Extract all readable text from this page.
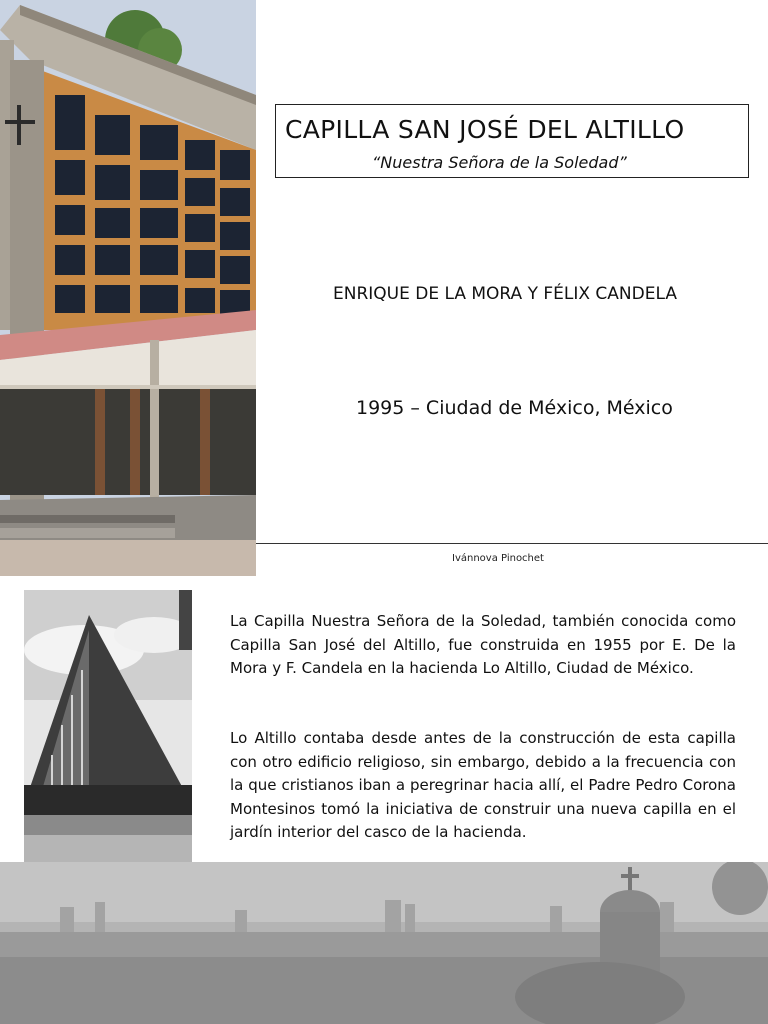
CAPILLA SAN JOSÉ DEL ALTILLO
“Nuestra Señora de la Soledad”
ENRIQUE DE LA MORA Y FÉLIX CANDELA
1995 – Ciudad de México, México
Ivánnova Pinochet
La Capilla Nuestra Señora de la Soledad, también conocida como Capilla San José del Altillo, fue construida en 1955 por E. De la Mora y F. Candela en la hacienda Lo Altillo, Ciudad de México.
Lo Altillo contaba desde antes de la construcción de esta capilla con otro edificio religioso, sin embargo, debido a la frecuencia con la que cristianos iban a peregrinar hacia allí, el Padre Pedro Corona Montesinos tomó la iniciativa de construir una nueva capilla en el jardín interior del casco de la hacienda.
